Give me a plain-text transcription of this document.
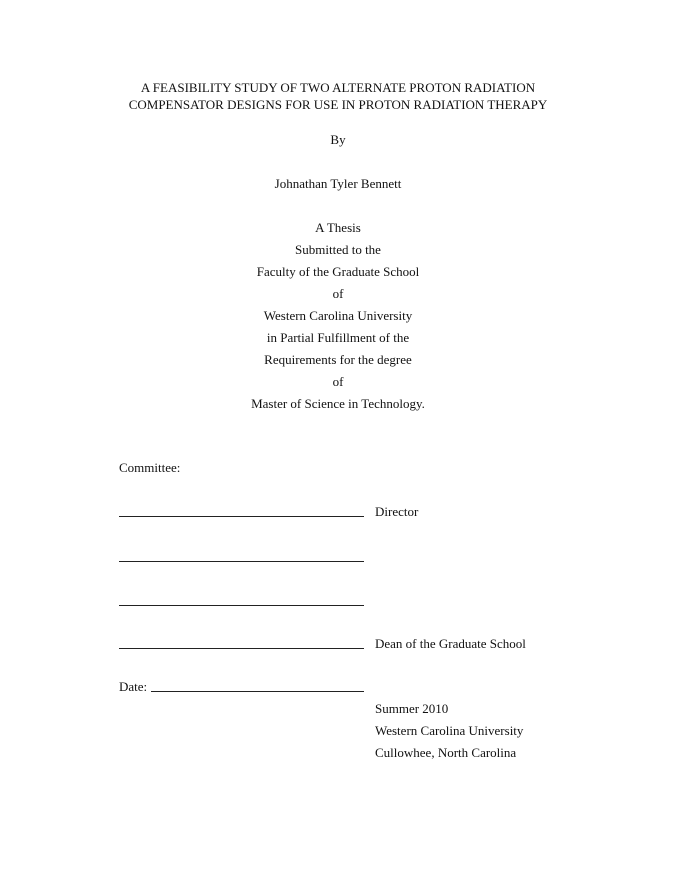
A FEASIBILITY STUDY OF TWO ALTERNATE PROTON RADIATION
COMPENSATOR DESIGNS FOR USE IN PROTON RADIATION THERAPY
By
Johnathan Tyler Bennett
A Thesis
Submitted to the
Faculty of the Graduate School
of
Western Carolina University
in Partial Fulfillment of the
Requirements for the degree
of
Master of Science in Technology.
Committee:
Director
Dean of the Graduate School
Date:
Summer 2010
Western Carolina University
Cullowhee, North Carolina
